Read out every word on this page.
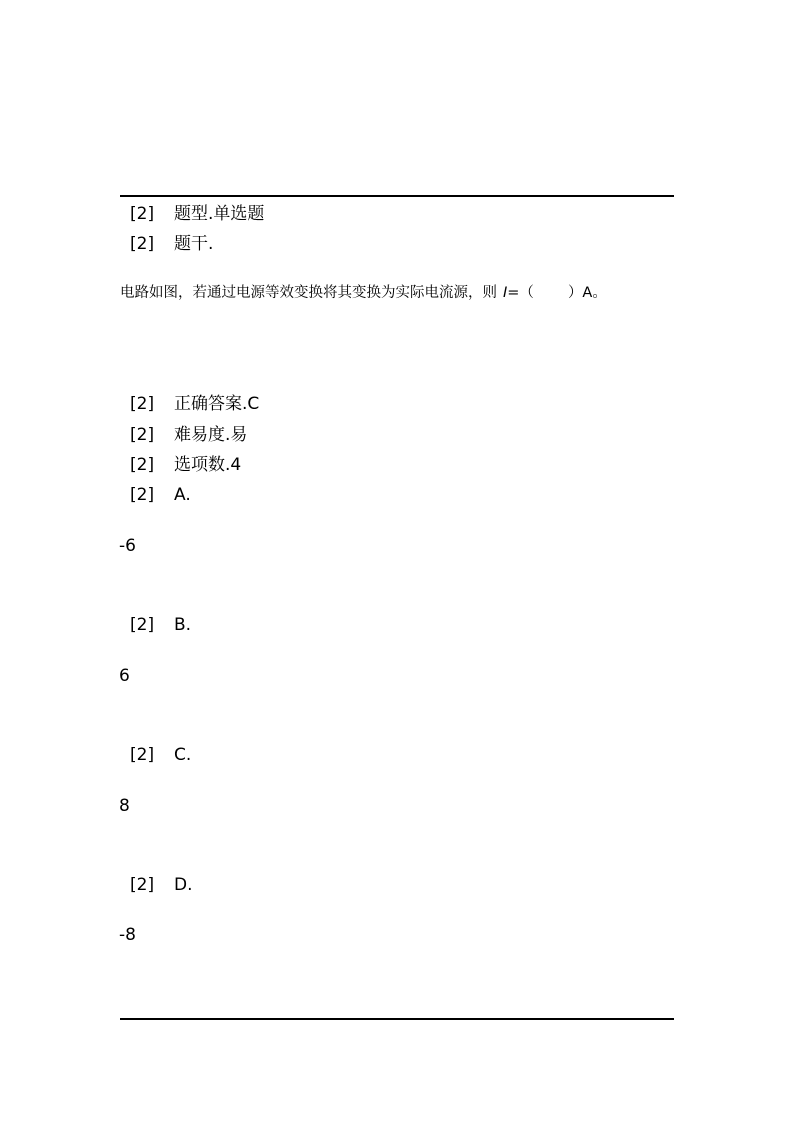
[2] 题型.单选题
[2] 题干.
电路如图，若通过电源等效变换将其变换为实际电流源，则 I=（ ）A。
[2] 正确答案.C
[2] 难易度.易
[2] 选项数.4
[2] A.
-6
[2] B.
6
[2] C.
8
[2] D.
-8
